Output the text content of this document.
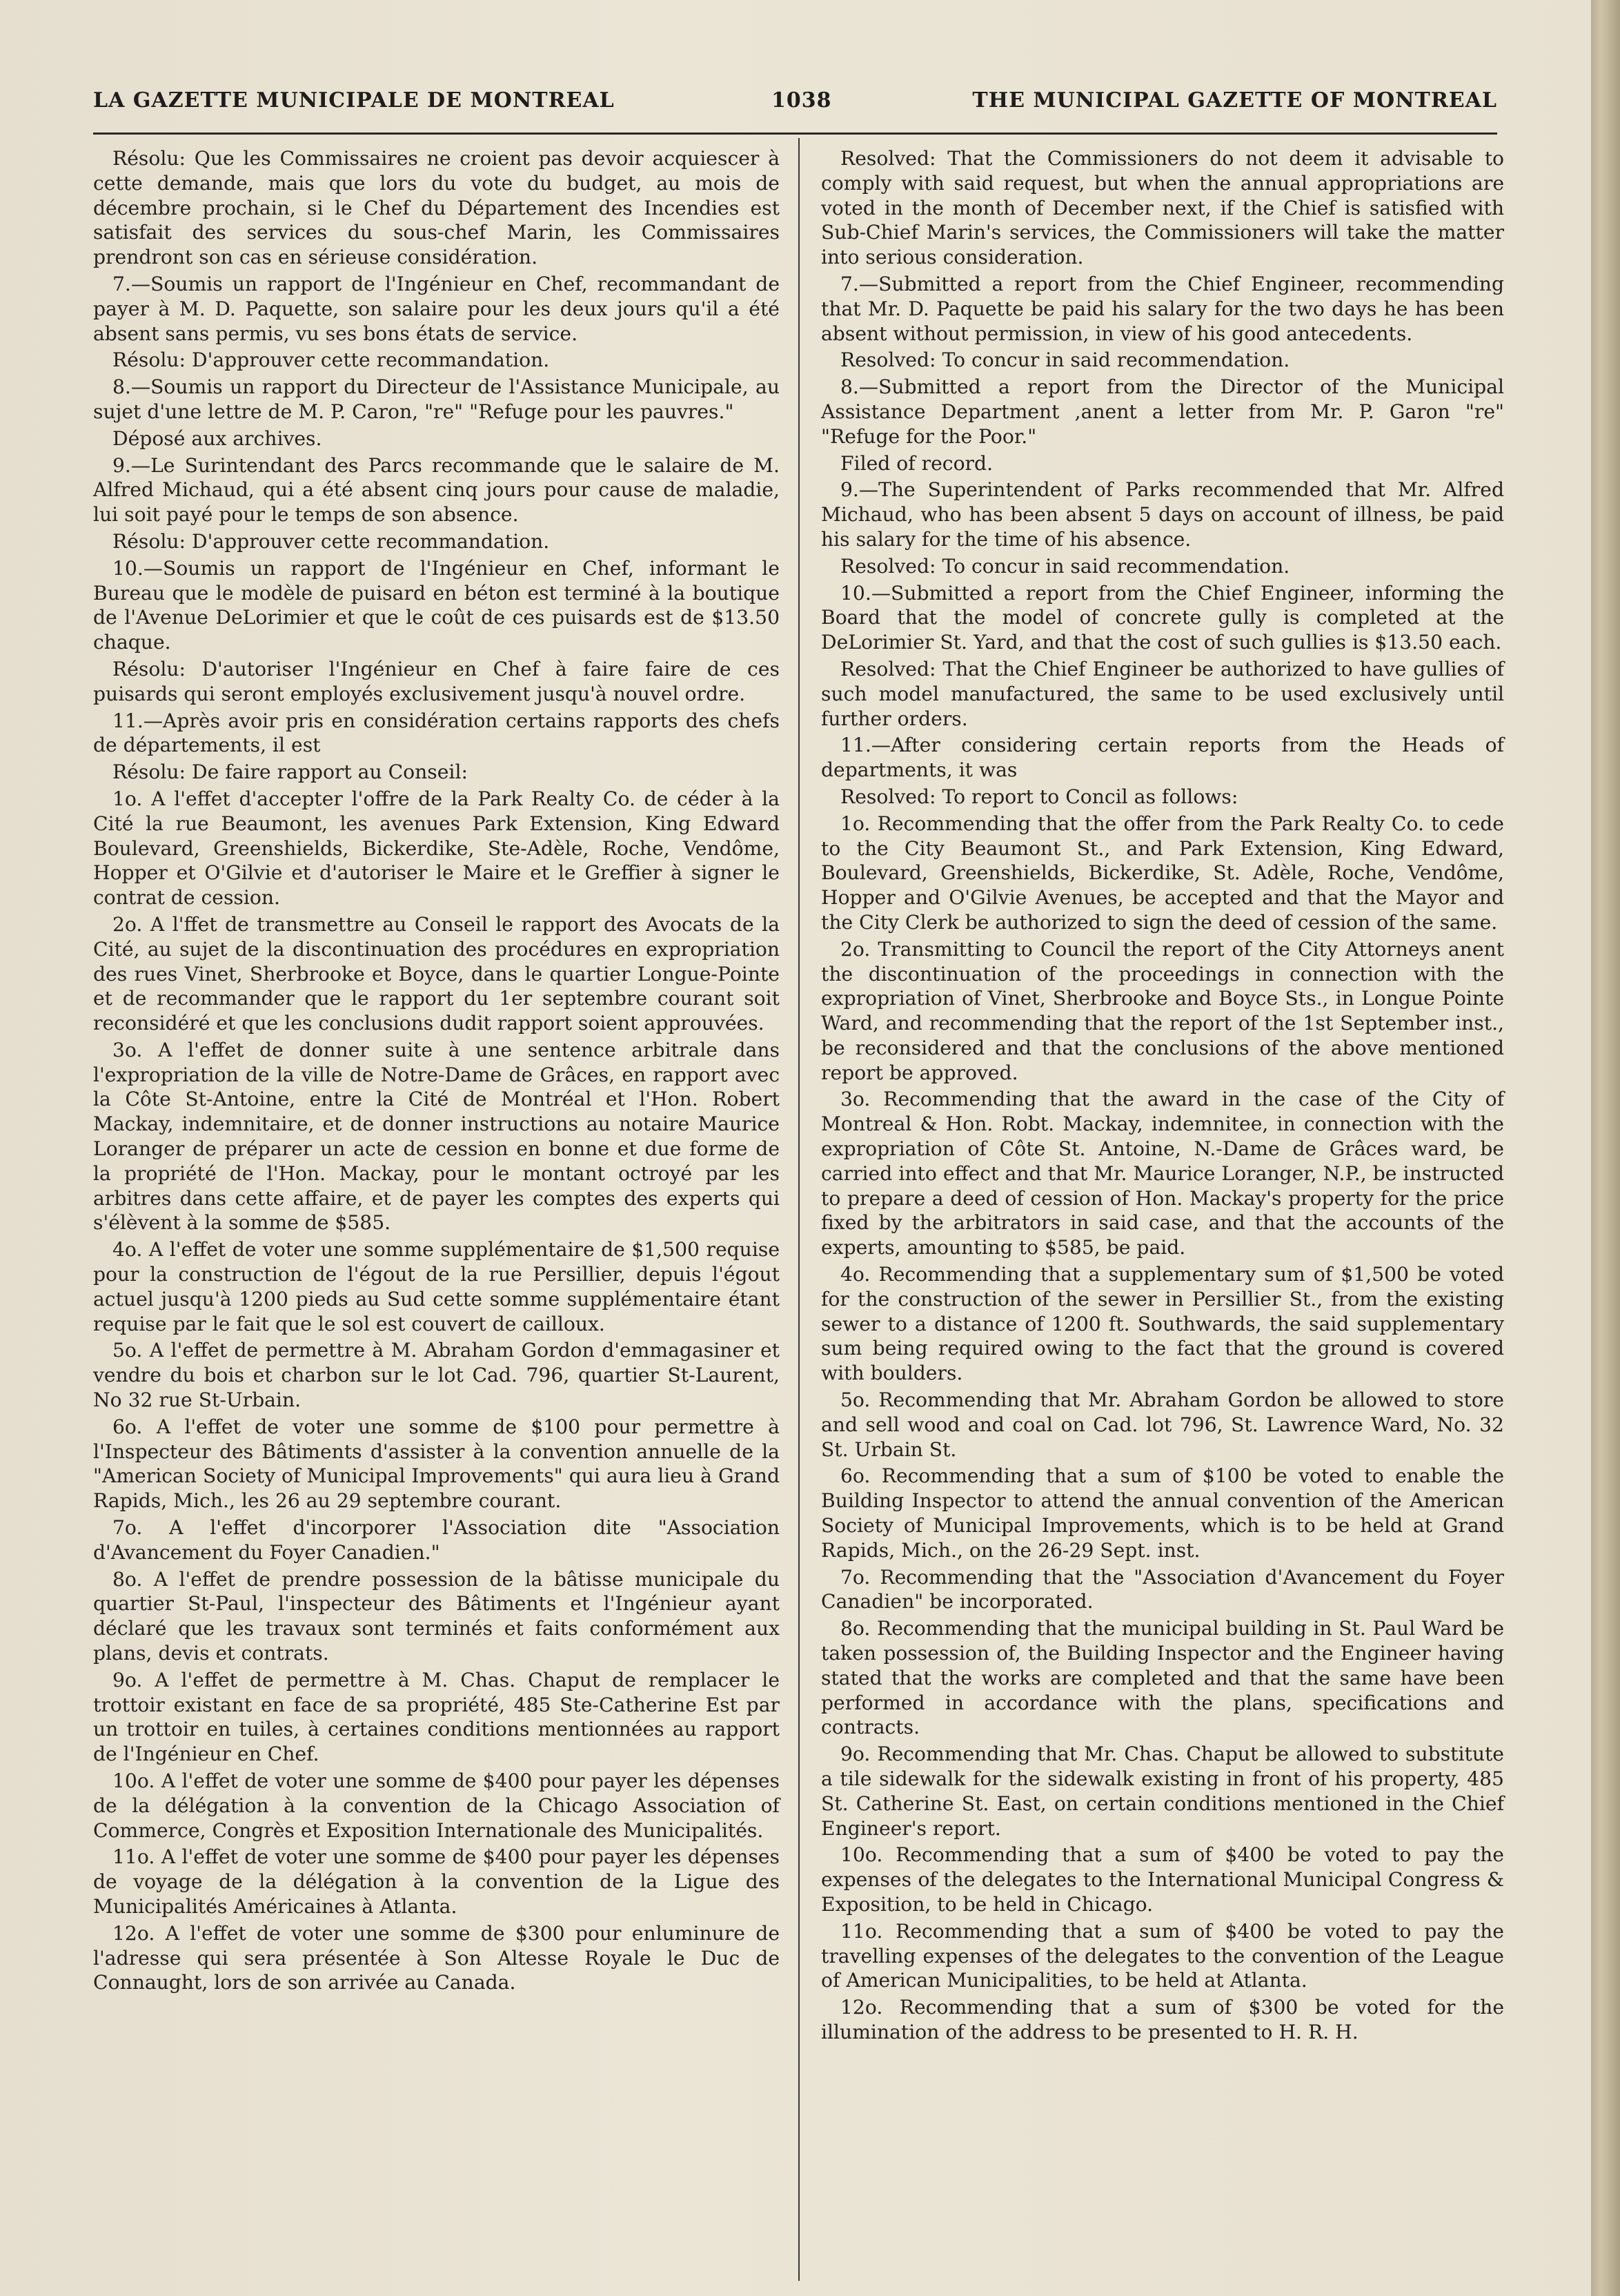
LA GAZETTE MUNICIPALE DE MONTREAL	1038	THE MUNICIPAL GAZETTE OF MONTREAL

Résolu: Que les Commissaires ne croient pas devoir acquiescer à cette demande, mais que lors du vote du budget, au mois de décembre prochain, si le Chef du Département des Incendies est satisfait des services du sous-chef Marin, les Commissaires prendront son cas en sérieuse considération.

7.—Soumis un rapport de l'Ingénieur en Chef, recommandant de payer à M. D. Paquette, son salaire pour les deux jours qu'il a été absent sans permis, vu ses bons états de service.

Résolu: D'approuver cette recommandation.

8.—Soumis un rapport du Directeur de l'Assistance Municipale, au sujet d'une lettre de M. P. Caron, "re" "Refuge pour les pauvres."

Déposé aux archives.

9.—Le Surintendant des Parcs recommande que le salaire de M. Alfred Michaud, qui a été absent cinq jours pour cause de maladie, lui soit payé pour le temps de son absence.

Résolu: D'approuver cette recommandation.

10.—Soumis un rapport de l'Ingénieur en Chef, informant le Bureau que le modèle de puisard en béton est terminé à la boutique de l'Avenue DeLorimier et que le coût de ces puisards est de $13.50 chaque.

Résolu: D'autoriser l'Ingénieur en Chef à faire faire de ces puisards qui seront employés exclusivement jusqu'à nouvel ordre.

11.—Après avoir pris en considération certains rapports des chefs de départements, il est

Résolu: De faire rapport au Conseil:

1o. A l'effet d'accepter l'offre de la Park Realty Co. de céder à la Cité la rue Beaumont, les avenues Park Extension, King Edward Boulevard, Greenshields, Bickerdike, Ste-Adèle, Roche, Vendôme, Hopper et O'Gilvie et d'autoriser le Maire et le Greffier à signer le contrat de cession.

2o. A l'ffet de transmettre au Conseil le rapport des Avocats de la Cité, au sujet de la discontinuation des procédures en expropriation des rues Vinet, Sherbrooke et Boyce, dans le quartier Longue-Pointe et de recommander que le rapport du 1er septembre courant soit reconsidéré et que les conclusions dudit rapport soient approuvées.

3o. A l'effet de donner suite à une sentence arbitrale dans l'expropriation de la ville de Notre-Dame de Grâces, en rapport avec la Côte St-Antoine, entre la Cité de Montréal et l'Hon. Robert Mackay, indemnitaire, et de donner instructions au notaire Maurice Loranger de préparer un acte de cession en bonne et due forme de la propriété de l'Hon. Mackay, pour le montant octroyé par les arbitres dans cette affaire, et de payer les comptes des experts qui s'élèvent à la somme de $585.

4o. A l'effet de voter une somme supplémentaire de $1,500 requise pour la construction de l'égout de la rue Persillier, depuis l'égout actuel jusqu'à 1200 pieds au Sud cette somme supplémentaire étant requise par le fait que le sol est couvert de cailloux.

5o. A l'effet de permettre à M. Abraham Gordon d'emmagasiner et vendre du bois et charbon sur le lot Cad. 796, quartier St-Laurent, No 32 rue St-Urbain.

6o. A l'effet de voter une somme de $100 pour permettre à l'Inspecteur des Bâtiments d'assister à la convention annuelle de la "American Society of Municipal Improvements" qui aura lieu à Grand Rapids, Mich., les 26 au 29 septembre courant.

7o. A l'effet d'incorporer l'Association dite "Association d'Avancement du Foyer Canadien."

8o. A l'effet de prendre possession de la bâtisse municipale du quartier St-Paul, l'inspecteur des Bâtiments et l'Ingénieur ayant déclaré que les travaux sont terminés et faits conformément aux plans, devis et contrats.

9o. A l'effet de permettre à M. Chas. Chaput de remplacer le trottoir existant en face de sa propriété, 485 Ste-Catherine Est par un trottoir en tuiles, à certaines conditions mentionnées au rapport de l'Ingénieur en Chef.

10o. A l'effet de voter une somme de $400 pour payer les dépenses de la délégation à la convention de la Chicago Association of Commerce, Congrès et Exposition Internationale des Municipalités.

11o. A l'effet de voter une somme de $400 pour payer les dépenses de voyage de la délégation à la convention de la Ligue des Municipalités Américaines à Atlanta.

12o. A l'effet de voter une somme de $300 pour enluminure de l'adresse qui sera présentée à Son Altesse Royale le Duc de Connaught, lors de son arrivée au Canada.

Resolved: That the Commissioners do not deem it advisable to comply with said request, but when the annual appropriations are voted in the month of December next, if the Chief is satisfied with Sub-Chief Marin's services, the Commissioners will take the matter into serious consideration.

7.—Submitted a report from the Chief Engineer, recommending that Mr. D. Paquette be paid his salary for the two days he has been absent without permission, in view of his good antecedents.

Resolved: To concur in said recommendation.

8.—Submitted a report from the Director of the Municipal Assistance Department ,anent a letter from Mr. P. Garon "re" "Refuge for the Poor."

Filed of record.

9.—The Superintendent of Parks recommended that Mr. Alfred Michaud, who has been absent 5 days on account of illness, be paid his salary for the time of his absence.

Resolved: To concur in said recommendation.

10.—Submitted a report from the Chief Engineer, informing the Board that the model of concrete gully is completed at the DeLorimier St. Yard, and that the cost of such gullies is $13.50 each.

Resolved: That the Chief Engineer be authorized to have gullies of such model manufactured, the same to be used exclusively until further orders.

11.—After considering certain reports from the Heads of departments, it was

Resolved: To report to Concil as follows:

1o. Recommending that the offer from the Park Realty Co. to cede to the City Beaumont St., and Park Extension, King Edward, Boulevard, Greenshields, Bickerdike, St. Adèle, Roche, Vendôme, Hopper and O'Gilvie Avenues, be accepted and that the Mayor and the City Clerk be authorized to sign the deed of cession of the same.

2o. Transmitting to Council the report of the City Attorneys anent the discontinuation of the proceedings in connection with the expropriation of Vinet, Sherbrooke and Boyce Sts., in Longue Pointe Ward, and recommending that the report of the 1st September inst., be reconsidered and that the conclusions of the above mentioned report be approved.

3o. Recommending that the award in the case of the City of Montreal & Hon. Robt. Mackay, indemnitee, in connection with the expropriation of Côte St. Antoine, N.-Dame de Grâces ward, be carried into effect and that Mr. Maurice Loranger, N.P., be instructed to prepare a deed of cession of Hon. Mackay's property for the price fixed by the arbitrators in said case, and that the accounts of the experts, amounting to $585, be paid.

4o. Recommending that a supplementary sum of $1,500 be voted for the construction of the sewer in Persillier St., from the existing sewer to a distance of 1200 ft. Southwards, the said supplementary sum being required owing to the fact that the ground is covered with boulders.

5o. Recommending that Mr. Abraham Gordon be allowed to store and sell wood and coal on Cad. lot 796, St. Lawrence Ward, No. 32 St. Urbain St.

6o. Recommending that a sum of $100 be voted to enable the Building Inspector to attend the annual convention of the American Society of Municipal Improvements, which is to be held at Grand Rapids, Mich., on the 26-29 Sept. inst.

7o. Recommending that the "Association d'Avancement du Foyer Canadien" be incorporated.

8o. Recommending that the municipal building in St. Paul Ward be taken possession of, the Building Inspector and the Engineer having stated that the works are completed and that the same have been performed in accordance with the plans, specifications and contracts.

9o. Recommending that Mr. Chas. Chaput be allowed to substitute a tile sidewalk for the sidewalk existing in front of his property, 485 St. Catherine St. East, on certain conditions mentioned in the Chief Engineer's report.

10o. Recommending that a sum of $400 be voted to pay the expenses of the delegates to the International Municipal Congress & Exposition, to be held in Chicago.

11o. Recommending that a sum of $400 be voted to pay the travelling expenses of the delegates to the convention of the League of American Municipalities, to be held at Atlanta.

12o. Recommending that a sum of $300 be voted for the illumination of the address to be presented to H. R. H.
